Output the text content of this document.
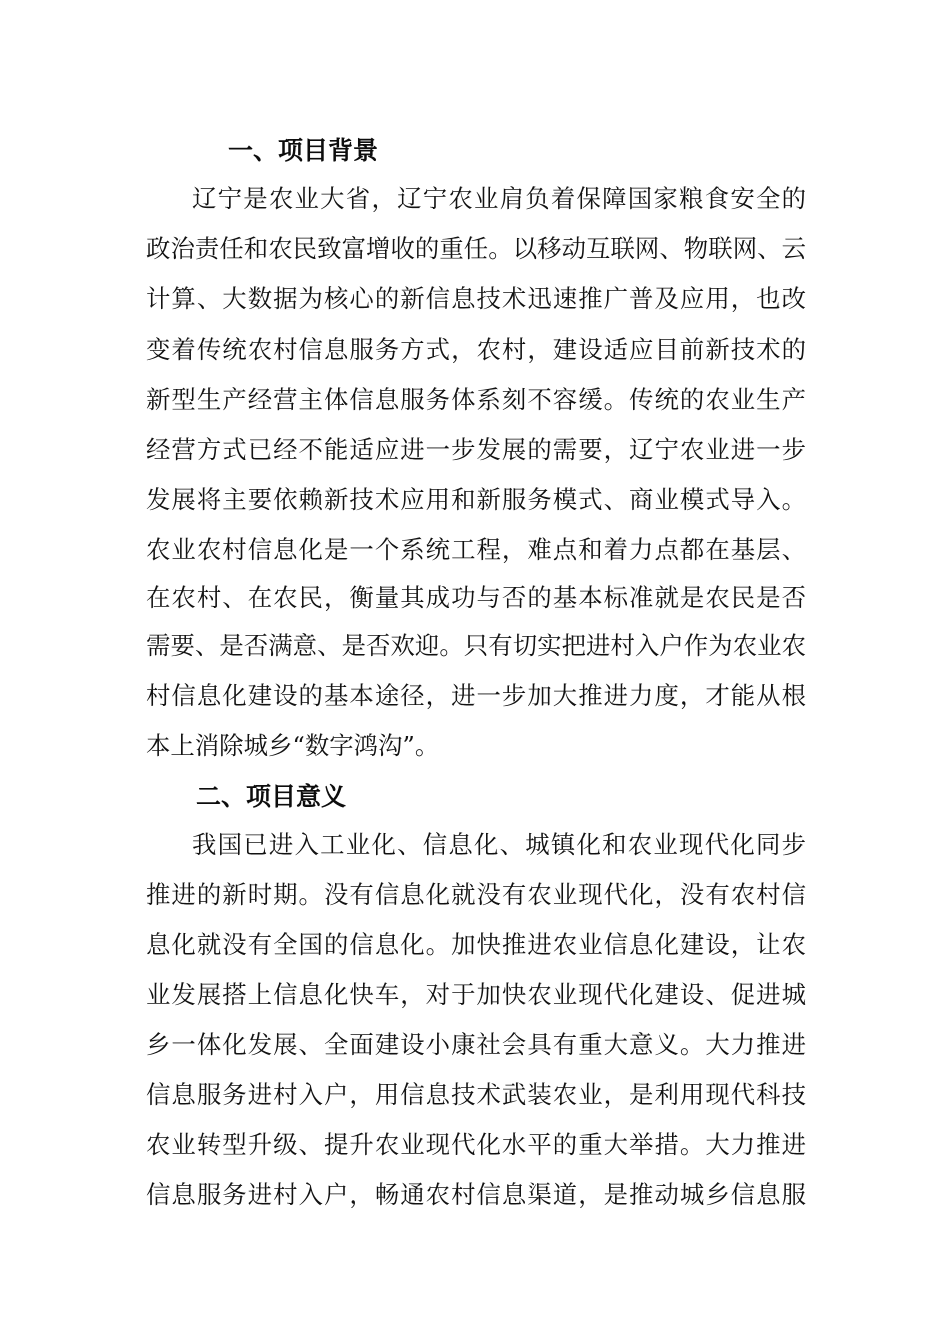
一、项目背景
辽宁是农业大省，辽宁农业肩负着保障国家粮食安全的
政治责任和农民致富增收的重任。以移动互联网、物联网、云
计算、大数据为核心的新信息技术迅速推广普及应用，也改
变着传统农村信息服务方式，农村，建设适应目前新技术的
新型生产经营主体信息服务体系刻不容缓。传统的农业生产
经营方式已经不能适应进一步发展的需要，辽宁农业进一步
发展将主要依赖新技术应用和新服务模式、商业模式导入。
农业农村信息化是一个系统工程，难点和着力点都在基层、
在农村、在农民，衡量其成功与否的基本标准就是农民是否
需要、是否满意、是否欢迎。只有切实把进村入户作为农业农
村信息化建设的基本途径，进一步加大推进力度，才能从根
本上消除城乡“数字鸿沟”。
二、项目意义
我国已进入工业化、信息化、城镇化和农业现代化同步
推进的新时期。没有信息化就没有农业现代化，没有农村信
息化就没有全国的信息化。加快推进农业信息化建设，让农
业发展搭上信息化快车，对于加快农业现代化建设、促进城
乡一体化发展、全面建设小康社会具有重大意义。大力推进
信息服务进村入户，用信息技术武装农业，是利用现代科技
农业转型升级、提升农业现代化水平的重大举措。大力推进
信息服务进村入户，畅通农村信息渠道，是推动城乡信息服
